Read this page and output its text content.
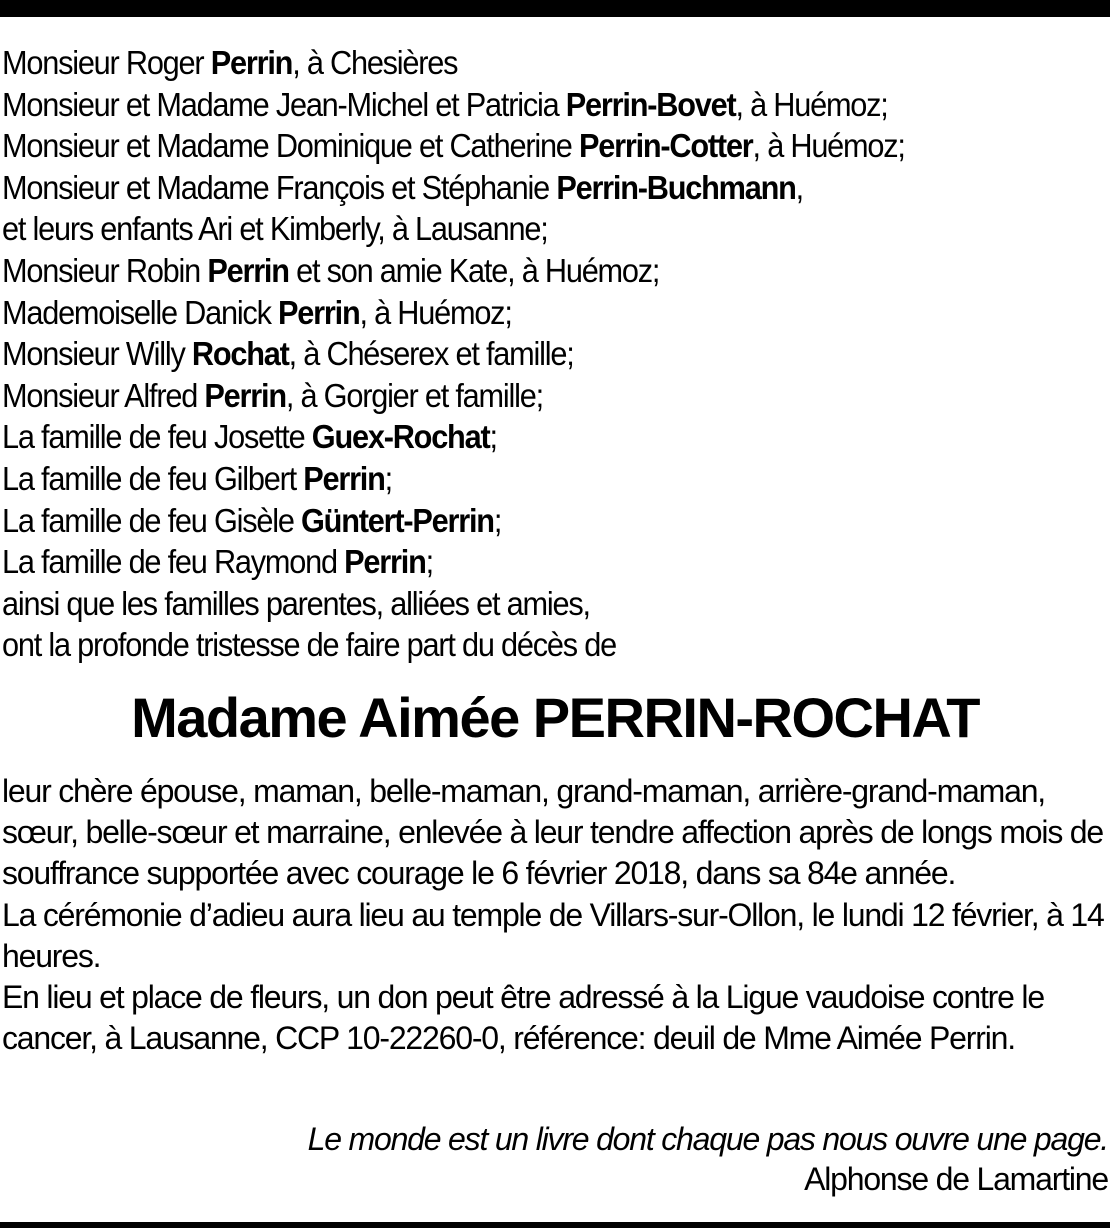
Monsieur Roger Perrin, à Chesières
Monsieur et Madame Jean-Michel et Patricia Perrin-Bovet, à Huémoz;
Monsieur et Madame Dominique et Catherine Perrin-Cotter, à Huémoz;
Monsieur et Madame François et Stéphanie Perrin-Buchmann,
et leurs enfants Ari et Kimberly, à Lausanne;
Monsieur Robin Perrin et son amie Kate, à Huémoz;
Mademoiselle Danick Perrin, à Huémoz;
Monsieur Willy Rochat, à Chéserex et famille;
Monsieur Alfred Perrin, à Gorgier et famille;
La famille de feu Josette Guex-Rochat;
La famille de feu Gilbert Perrin;
La famille de feu Gisèle Güntert-Perrin;
La famille de feu Raymond Perrin;
ainsi que les familles parentes, alliées et amies,
ont la profonde tristesse de faire part du décès de
Madame Aimée PERRIN-ROCHAT

leur chère épouse, maman, belle-maman, grand-maman, arrière-grand-maman, sœur, belle-sœur et marraine, enlevée à leur tendre affection après de longs mois de souffrance supportée avec courage le 6 février 2018, dans sa 84e année.

La cérémonie d’adieu aura lieu au temple de Villars-sur-Ollon, le lundi 12 février, à 14 heures.

En lieu et place de fleurs, un don peut être adressé à la Ligue vaudoise contre le cancer, à Lausanne, CCP 10-22260-0, référence: deuil de Mme Aimée Perrin.

Le monde est un livre dont chaque pas nous ouvre une page.
Alphonse de Lamartine
